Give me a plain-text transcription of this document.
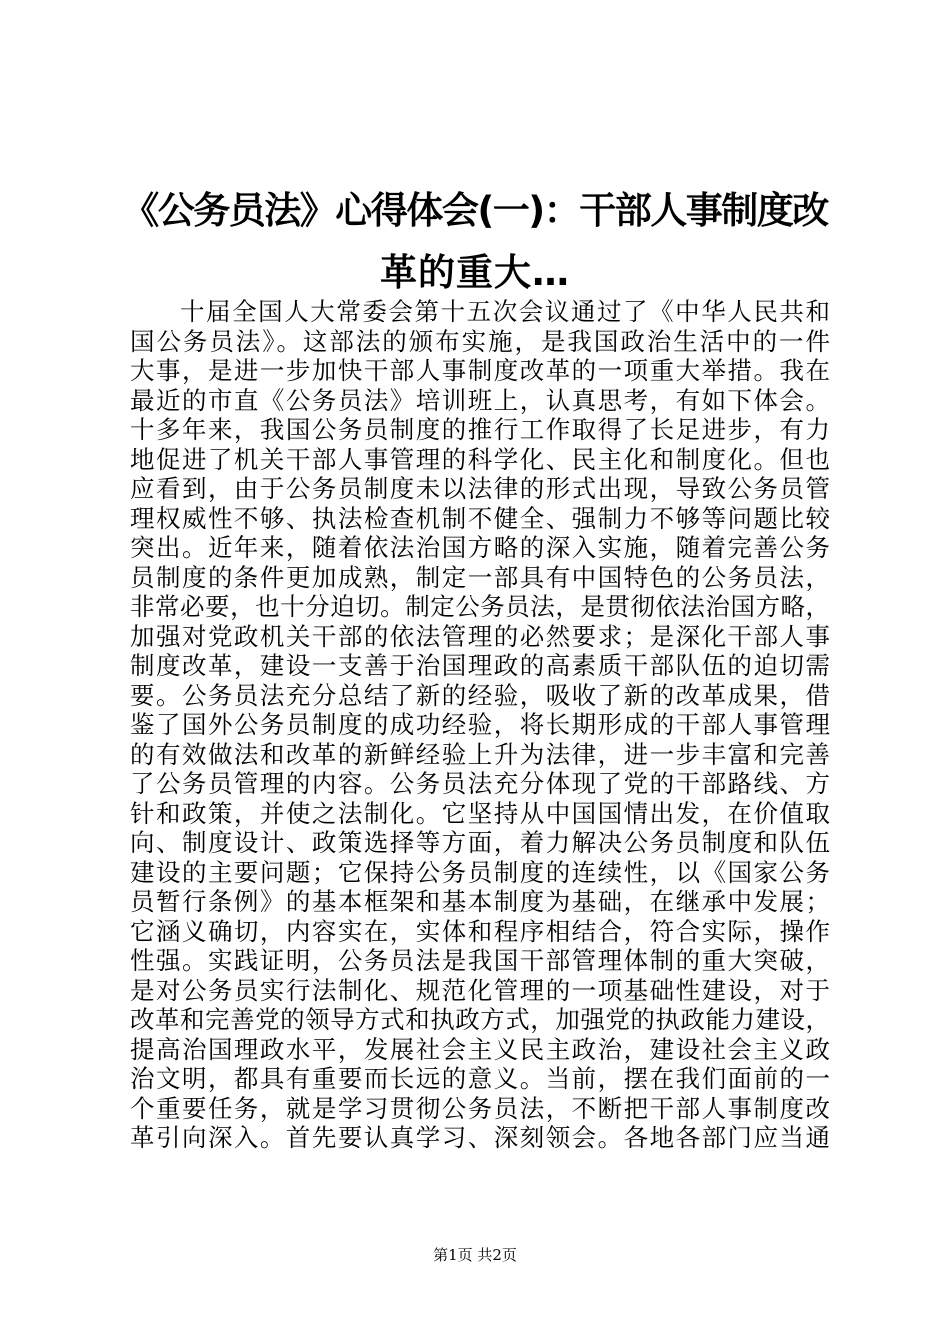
《公务员法》心得体会(一)：干部人事制度改
革的重大…
十届全国人大常委会第十五次会议通过了《中华人民共和
国公务员法》。这部法的颁布实施，是我国政治生活中的一件
大事，是进一步加快干部人事制度改革的一项重大举措。我在
最近的市直《公务员法》培训班上，认真思考，有如下体会。
十多年来，我国公务员制度的推行工作取得了长足进步，有力
地促进了机关干部人事管理的科学化、民主化和制度化。但也
应看到，由于公务员制度未以法律的形式出现，导致公务员管
理权威性不够、执法检查机制不健全、强制力不够等问题比较
突出。近年来，随着依法治国方略的深入实施，随着完善公务
员制度的条件更加成熟，制定一部具有中国特色的公务员法，
非常必要，也十分迫切。制定公务员法，是贯彻依法治国方略，
加强对党政机关干部的依法管理的必然要求；是深化干部人事
制度改革，建设一支善于治国理政的高素质干部队伍的迫切需
要。公务员法充分总结了新的经验，吸收了新的改革成果，借
鉴了国外公务员制度的成功经验，将长期形成的干部人事管理
的有效做法和改革的新鲜经验上升为法律，进一步丰富和完善
了公务员管理的内容。公务员法充分体现了党的干部路线、方
针和政策，并使之法制化。它坚持从中国国情出发，在价值取
向、制度设计、政策选择等方面，着力解决公务员制度和队伍
建设的主要问题；它保持公务员制度的连续性，以《国家公务
员暂行条例》的基本框架和基本制度为基础，在继承中发展；
它涵义确切，内容实在，实体和程序相结合，符合实际，操作
性强。实践证明，公务员法是我国干部管理体制的重大突破，
是对公务员实行法制化、规范化管理的一项基础性建设，对于
改革和完善党的领导方式和执政方式，加强党的执政能力建设，
提高治国理政水平，发展社会主义民主政治，建设社会主义政
治文明，都具有重要而长远的意义。当前，摆在我们面前的一
个重要任务，就是学习贯彻公务员法，不断把干部人事制度改
革引向深入。首先要认真学习、深刻领会。各地各部门应当通
第1页 共2页
